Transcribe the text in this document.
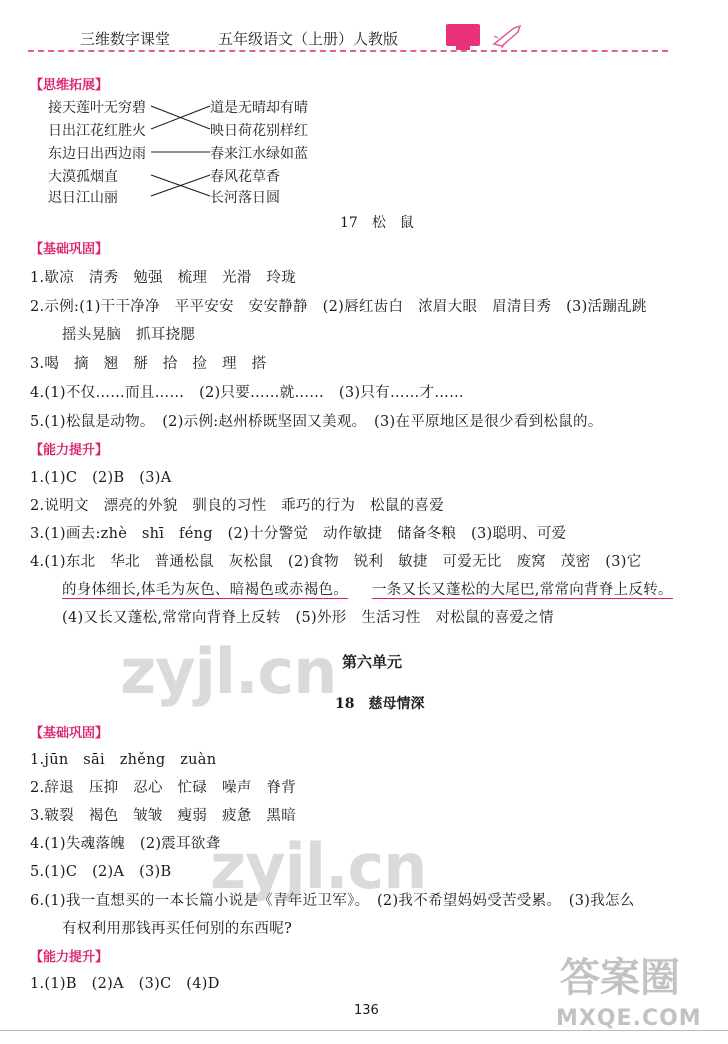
三维数字课堂	五年级语文（上册）人教版
【思维拓展】
接天莲叶无穷碧
日出江花红胜火
东边日出西边雨
大漠孤烟直
迟日江山丽
道是无晴却有晴
映日荷花别样红
春来江水绿如蓝
春风花草香
长河落日圆
17　松　鼠
【基础巩固】
1.歇凉　清秀　勉强　梳理　光滑　玲珑
2.示例:(1)干干净净　平平安安　安安静静　(2)唇红齿白　浓眉大眼　眉清目秀　(3)活蹦乱跳
摇头晃脑　抓耳挠腮
3.喝　摘　翘　掰　拾　捡　理　搭
4.(1)不仅……而且……　(2)只要……就……　(3)只有……才……
5.(1)松鼠是动物。　(2)示例:赵州桥既坚固又美观。　(3)在平原地区是很少看到松鼠的。
【能力提升】
1.(1)C　(2)B　(3)A
2.说明文　漂亮的外貌　驯良的习性　乖巧的行为　松鼠的喜爱
3.(1)画去:zhè　shī　féng　(2)十分警觉　动作敏捷　储备冬粮　(3)聪明、可爱
4.(1)东北　华北　普通松鼠　灰松鼠　(2)食物　锐利　敏捷　可爱无比　废窝　茂密　(3)它
的身体细长,体毛为灰色、暗褐色或赤褐色。 一条又长又蓬松的大尾巴,常常向背脊上反转。
(4)又长又蓬松,常常向背脊上反转　(5)外形　生活习性　对松鼠的喜爱之情
zyjl.cn 第六单元
18　慈母情深
【基础巩固】
1.jūn　sāi　zhěng　zuàn
2.辞退　压抑　忍心　忙碌　噪声　脊背
3.皲裂　褐色　皱皱　瘦弱　疲惫　黑暗
4.(1)失魂落魄　(2)震耳欲聋
5.(1)C　(2)A　(3)B
6.(1)我一直想买的一本长篇小说是《青年近卫军》。　(2)我不希望妈妈受苦受累。　(3)我怎么
有权利用那钱再买任何别的东西呢?
zyjl.cn
【能力提升】
1.(1)B　(2)A　(3)C　(4)D
136
答案圈
MXQE.COM
